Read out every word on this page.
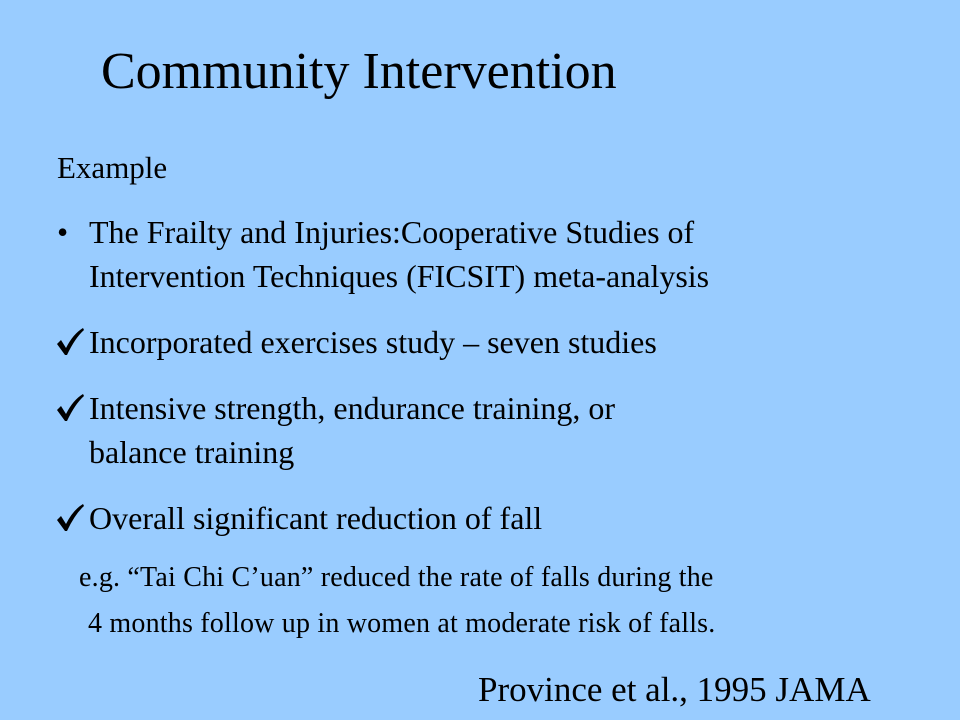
Community Intervention
Example
• The Frailty and Injuries:Cooperative Studies of
Intervention Techniques (FICSIT) meta-analysis
Incorporated exercises study – seven studies
Intensive strength, endurance training, or
balance training
Overall significant reduction of fall
e.g. “Tai Chi C’uan” reduced the rate of falls during the
4 months follow up in women at moderate risk of falls.
Province et al., 1995 JAMA
